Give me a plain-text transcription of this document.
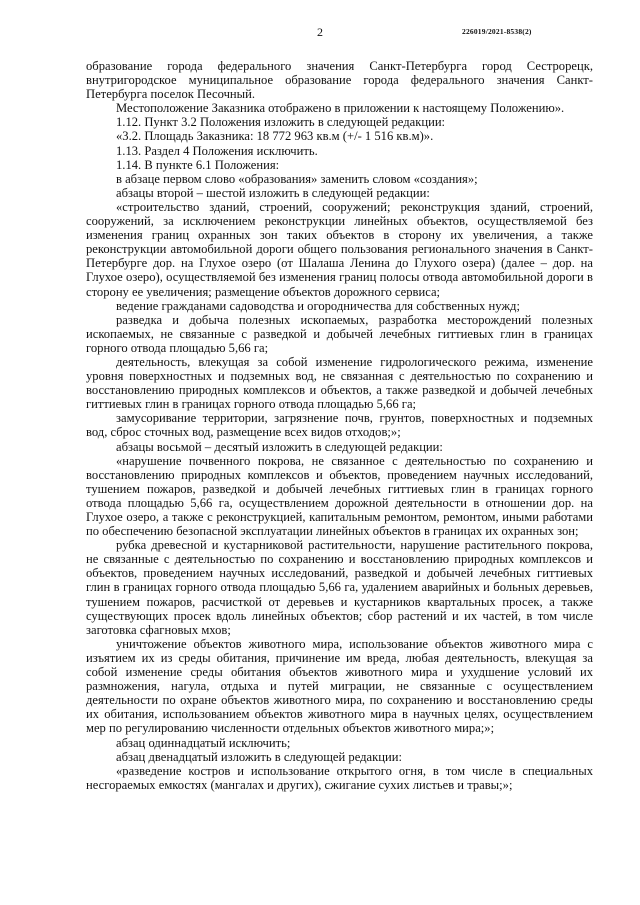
2	226019/2021-8538(2)

образование города федерального значения Санкт-Петербурга город Сестрорецк, внутригородское муниципальное образование города федерального значения Санкт-Петербурга поселок Песочный.

Местоположение Заказника отображено в приложении к настоящему Положению».

1.12. Пункт 3.2 Положения изложить в следующей редакции:

«3.2. Площадь Заказника: 18 772 963 кв.м (+/- 1 516 кв.м)».

1.13. Раздел 4 Положения исключить.

1.14. В пункте 6.1 Положения:

в абзаце первом слово «образования» заменить словом «создания»;

абзацы второй – шестой изложить в следующей редакции:

«строительство зданий, строений, сооружений; реконструкция зданий, строений, сооружений, за исключением реконструкции линейных объектов, осуществляемой без изменения границ охранных зон таких объектов в сторону их увеличения, а также реконструкции автомобильной дороги общего пользования регионального значения в Санкт-Петербурге дор. на Глухое озеро (от Шалаша Ленина до Глухого озера) (далее – дор. на Глухое озеро), осуществляемой без изменения границ полосы отвода автомобильной дороги в сторону ее увеличения; размещение объектов дорожного сервиса;

ведение гражданами садоводства и огородничества для собственных нужд;

разведка и добыча полезных ископаемых, разработка месторождений полезных ископаемых, не связанные с разведкой и добычей лечебных гиттиевых глин в границах горного отвода площадью 5,66 га;

деятельность, влекущая за собой изменение гидрологического режима, изменение уровня поверхностных и подземных вод, не связанная с деятельностью по сохранению и восстановлению природных комплексов и объектов, а также разведкой и добычей лечебных гиттиевых глин в границах горного отвода площадью 5,66 га;

замусоривание территории, загрязнение почв, грунтов, поверхностных и подземных вод, сброс сточных вод, размещение всех видов отходов;»;

абзацы восьмой – десятый изложить в следующей редакции:

«нарушение почвенного покрова, не связанное с деятельностью по сохранению и восстановлению природных комплексов и объектов, проведением научных исследований, тушением пожаров, разведкой и добычей лечебных гиттиевых глин в границах горного отвода площадью 5,66 га, осуществлением дорожной деятельности в отношении дор. на Глухое озеро, а также с реконструкцией, капитальным ремонтом, ремонтом, иными работами по обеспечению безопасной эксплуатации линейных объектов в границах их охранных зон;

рубка древесной и кустарниковой растительности, нарушение растительного покрова, не связанные с деятельностью по сохранению и восстановлению природных комплексов и объектов, проведением научных исследований, разведкой и добычей лечебных гиттиевых глин в границах горного отвода площадью 5,66 га, удалением аварийных и больных деревьев, тушением пожаров, расчисткой от деревьев и кустарников квартальных просек, а также существующих просек вдоль линейных объектов; сбор растений и их частей, в том числе заготовка сфагновых мхов;

уничтожение объектов животного мира, использование объектов животного мира с изъятием их из среды обитания, причинение им вреда, любая деятельность, влекущая за собой изменение среды обитания объектов животного мира и ухудшение условий их размножения, нагула, отдыха и путей миграции, не связанные с осуществлением деятельности по охране объектов животного мира, по сохранению и восстановлению среды их обитания, использованием объектов животного мира в научных целях, осуществлением мер по регулированию численности отдельных объектов животного мира;»;

абзац одиннадцатый исключить;

абзац двенадцатый изложить в следующей редакции:

«разведение костров и использование открытого огня, в том числе в специальных несгораемых емкостях (мангалах и других), сжигание сухих листьев и травы;»;
